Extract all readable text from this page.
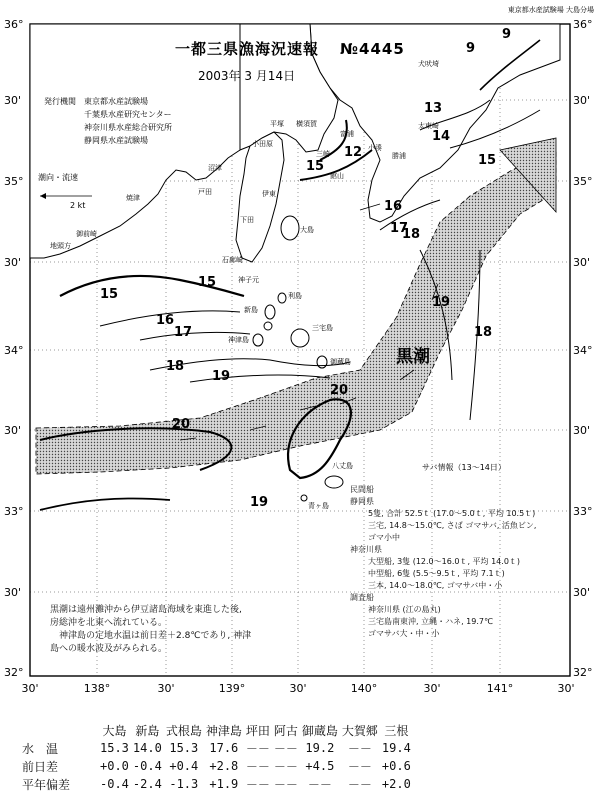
東京都水産試験場 大島分場
一都三県漁海況速報 №4445
2003年 3 月14日
発行機関 東京都水産試験場
千葉県水産研究センター
神奈川県水産総合研究所
静岡県水産試験場
潮向・流速
2 kt
36°
30'
35°
30'
34°
30'
33°
30'
32°
36°
30'
35°
30'
34°
30'
33°
30'
32°
30'	138°	30'	139°	30'	140°	30'	141°	30'
9
9
13
14
15
12
15
16
17
18
15
15
16
17
18
19
19
18
20
20
19
黒潮
犬吠埼
太東崎
勝浦
小湊
館山
富浦
平塚
小田原
横須賀
三崎
沼津
戸田	伊東
下田
焼津
御前崎
地頭方
石廊崎
神子元
大島
利島
新島
神津島
三宅島
御蔵島
八丈島
青ヶ島
サバ情報（13～14日）
民間船
静岡県
5隻, 合計 52.5ｔ (17.0～5.0ｔ, 平均 10.5ｔ)
三宅, 14.8～15.0℃, さば ゴマサバ, 活魚ビン,
ゴマ小中
神奈川県
大型船, 3隻 (12.0～16.0ｔ, 平均 14.0ｔ)
中型船, 6隻 (5.5～9.5ｔ, 平均 7.1ｔ)
三本, 14.0～18.0℃, ゴマサバ中・小
調査船
神奈川県 (江の島丸)
三宅島南東沖, 立縄・ハネ, 19.7℃
ゴマサバ大・中・小
黒潮は遠州灘沖から伊豆諸島海域を東進した後,
房総沖を北東へ流れている。
　神津島の定地水温は前日差＋2.8℃であり, 神津
島への暖水波及がみられる。
	大島	新島	式根島	神津島	坪田	阿古	御蔵島	大賀郷	三根
水　温	15.3	14.0	15.3	17.6	－－	－－	19.2	－－	19.4
前日差	+0.0	-0.4	+0.4	+2.8	－－	－－	+4.5	－－	+0.6
平年偏差	-0.4	-2.4	-1.3	+1.9	－－	－－	－－	－－	+2.0
